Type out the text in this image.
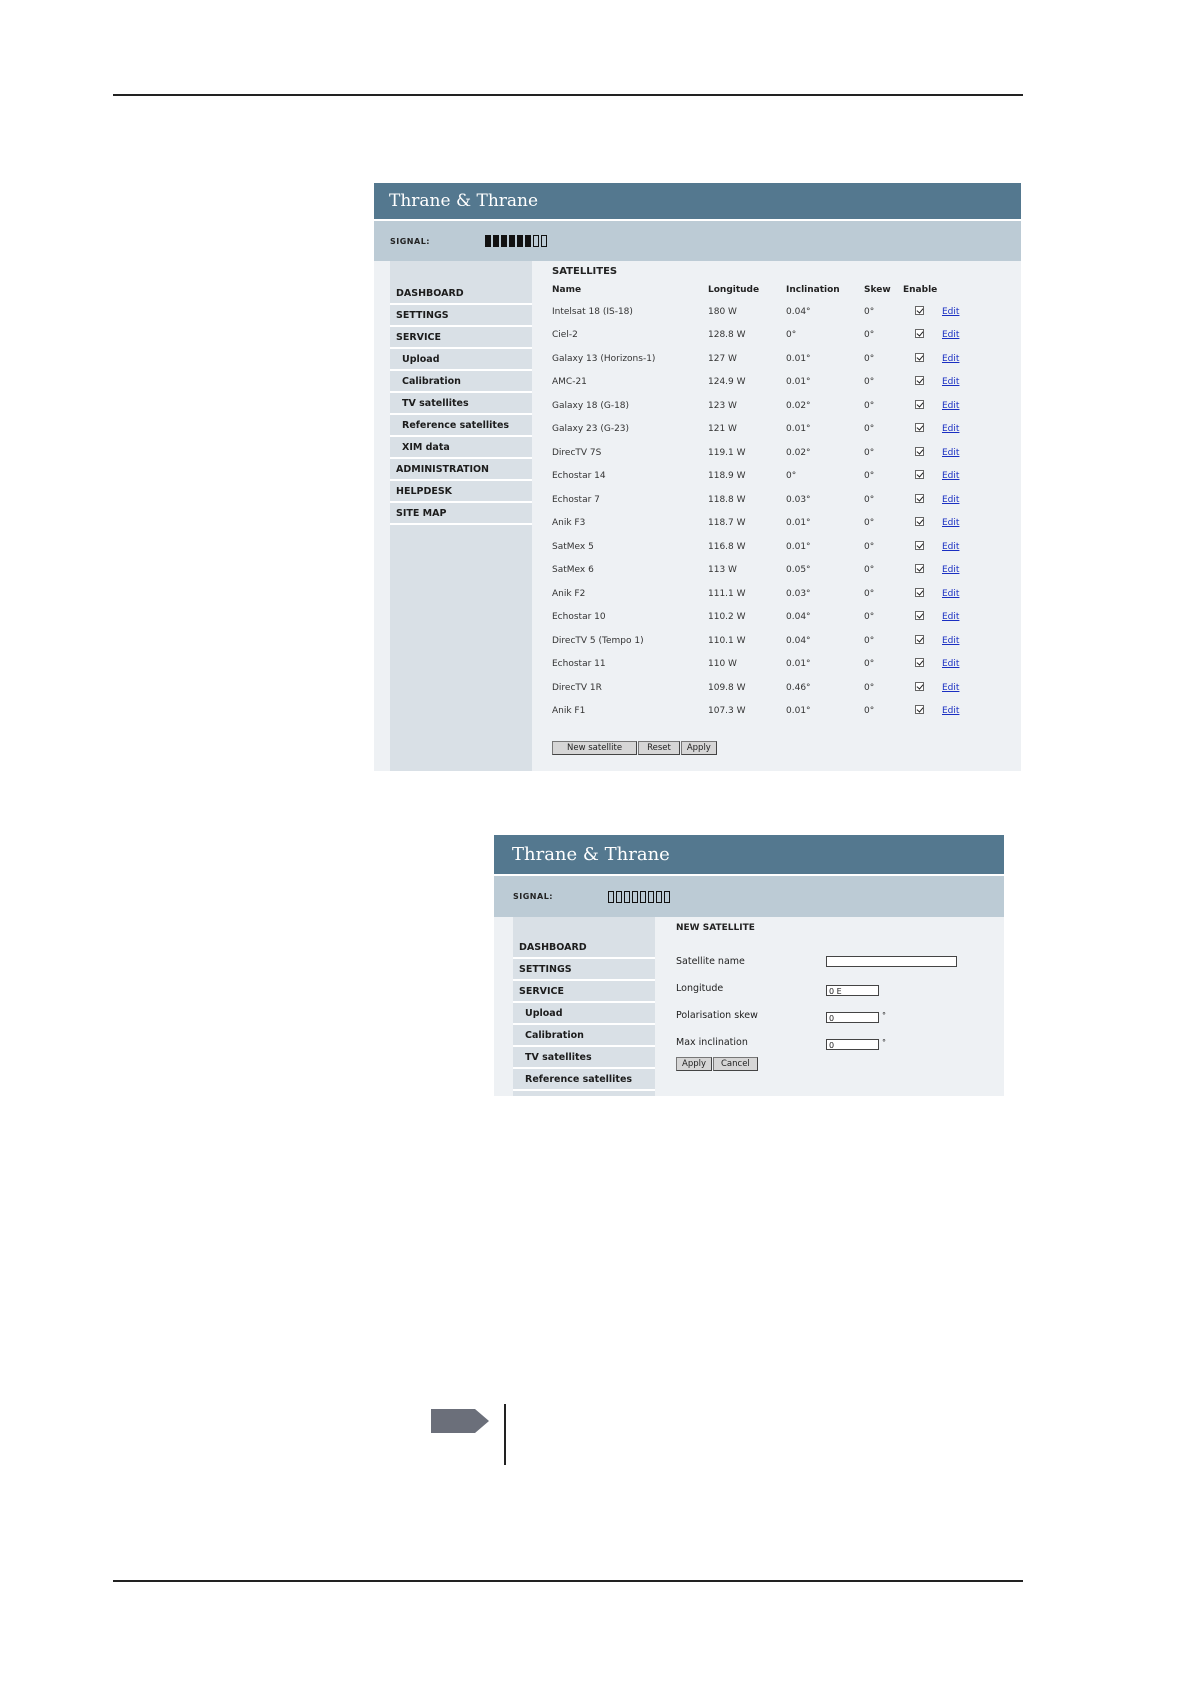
Thrane & Thrane
SIGNAL:
DASHBOARD
SETTINGS
SERVICE
Upload
Calibration
TV satellites
Reference satellites
XIM data
ADMINISTRATION
HELPDESK
SITE MAP
SATELLITES
Name	Longitude	Inclination	Skew	Enable	
Intelsat 18 (IS-18)	180 W	0.04°	0°		Edit
Ciel-2	128.8 W	0°	0°		Edit
Galaxy 13 (Horizons-1)	127 W	0.01°	0°		Edit
AMC-21	124.9 W	0.01°	0°		Edit
Galaxy 18 (G-18)	123 W	0.02°	0°		Edit
Galaxy 23 (G-23)	121 W	0.01°	0°		Edit
DirecTV 7S	119.1 W	0.02°	0°		Edit
Echostar 14	118.9 W	0°	0°		Edit
Echostar 7	118.8 W	0.03°	0°		Edit
Anik F3	118.7 W	0.01°	0°		Edit
SatMex 5	116.8 W	0.01°	0°		Edit
SatMex 6	113 W	0.05°	0°		Edit
Anik F2	111.1 W	0.03°	0°		Edit
Echostar 10	110.2 W	0.04°	0°		Edit
DirecTV 5 (Tempo 1)	110.1 W	0.04°	0°		Edit
Echostar 11	110 W	0.01°	0°		Edit
DirecTV 1R	109.8 W	0.46°	0°		Edit
Anik F1	107.3 W	0.01°	0°		Edit
New satellite	Reset	Apply
Thrane & Thrane
SIGNAL:
DASHBOARD
SETTINGS
SERVICE
Upload
Calibration
TV satellites
Reference satellites
NEW SATELLITE
Satellite name
Longitude	0 E
Polarisation skew	0	°
Max inclination	0	°
Apply	Cancel
